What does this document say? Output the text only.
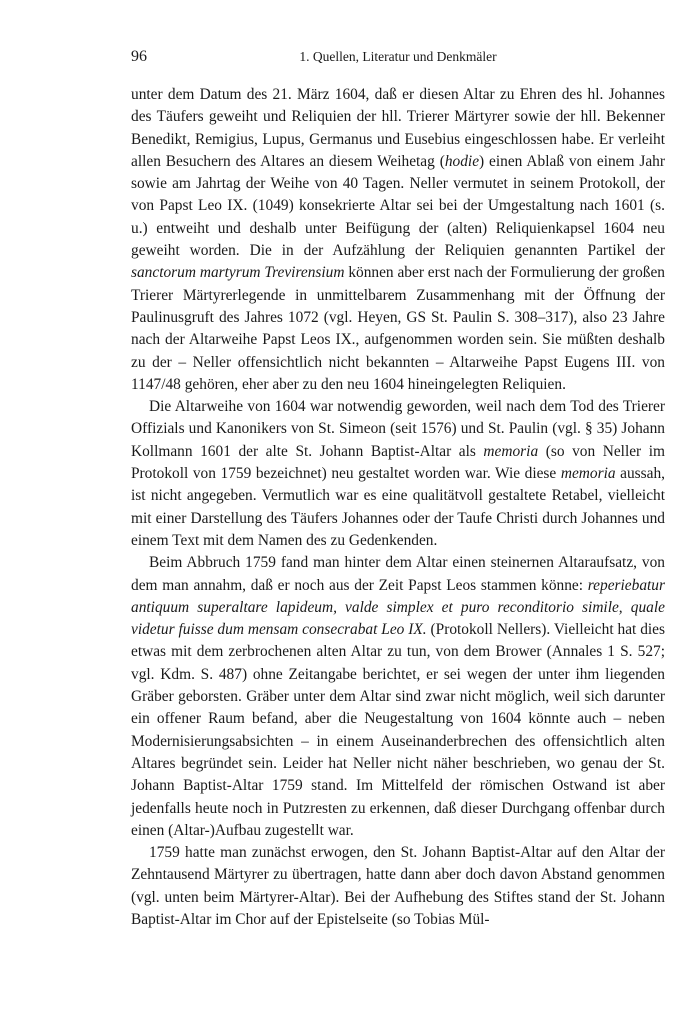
96	1. Quellen, Literatur und Denkmäler

unter dem Datum des 21. März 1604, daß er diesen Altar zu Ehren des hl. Johannes des Täufers geweiht und Reliquien der hll. Trierer Märtyrer sowie der hll. Bekenner Benedikt, Remigius, Lupus, Germanus und Eusebius eingeschlossen habe. Er verleiht allen Besuchern des Altares an diesem Weihetag (hodie) einen Ablaß von einem Jahr sowie am Jahrtag der Weihe von 40 Tagen. Neller vermutet in seinem Protokoll, der von Papst Leo IX. (1049) konsekrierte Altar sei bei der Umgestaltung nach 1601 (s. u.) entweiht und deshalb unter Beifügung der (alten) Reliquienkapsel 1604 neu geweiht worden. Die in der Aufzählung der Reliquien genannten Partikel der sanctorum martyrum Trevirensium können aber erst nach der Formulierung der großen Trierer Märtyrerlegende in unmittelbarem Zusammenhang mit der Öffnung der Paulinusgruft des Jahres 1072 (vgl. Heyen, GS St. Paulin S. 308–317), also 23 Jahre nach der Altarweihe Papst Leos IX., aufgenommen worden sein. Sie müßten deshalb zu der – Neller offensichtlich nicht bekannten – Altarweihe Papst Eugens III. von 1147/48 gehören, eher aber zu den neu 1604 hineingelegten Reliquien.

Die Altarweihe von 1604 war notwendig geworden, weil nach dem Tod des Trierer Offizials und Kanonikers von St. Simeon (seit 1576) und St. Paulin (vgl. § 35) Johann Kollmann 1601 der alte St. Johann Baptist-Altar als memoria (so von Neller im Protokoll von 1759 bezeichnet) neu gestaltet worden war. Wie diese memoria aussah, ist nicht angegeben. Vermutlich war es eine qualitätvoll gestaltete Retabel, vielleicht mit einer Darstellung des Täufers Johannes oder der Taufe Christi durch Johannes und einem Text mit dem Namen des zu Gedenkenden.

Beim Abbruch 1759 fand man hinter dem Altar einen steinernen Altaraufsatz, von dem man annahm, daß er noch aus der Zeit Papst Leos stammen könne: reperiebatur antiquum superaltare lapideum, valde simplex et puro reconditorio simile, quale videtur fuisse dum mensam consecrabat Leo IX. (Protokoll Nellers). Vielleicht hat dies etwas mit dem zerbrochenen alten Altar zu tun, von dem Brower (Annales 1 S. 527; vgl. Kdm. S. 487) ohne Zeitangabe berichtet, er sei wegen der unter ihm liegenden Gräber geborsten. Gräber unter dem Altar sind zwar nicht möglich, weil sich darunter ein offener Raum befand, aber die Neugestaltung von 1604 könnte auch – neben Modernisierungsabsichten – in einem Auseinanderbrechen des offensichtlich alten Altares begründet sein. Leider hat Neller nicht näher beschrieben, wo genau der St. Johann Baptist-Altar 1759 stand. Im Mittelfeld der römischen Ostwand ist aber jedenfalls heute noch in Putzresten zu erkennen, daß dieser Durchgang offenbar durch einen (Altar-)Aufbau zugestellt war.

1759 hatte man zunächst erwogen, den St. Johann Baptist-Altar auf den Altar der Zehntausend Märtyrer zu übertragen, hatte dann aber doch davon Abstand genommen (vgl. unten beim Märtyrer-Altar). Bei der Aufhebung des Stiftes stand der St. Johann Baptist-Altar im Chor auf der Epistelseite (so Tobias Mül-
